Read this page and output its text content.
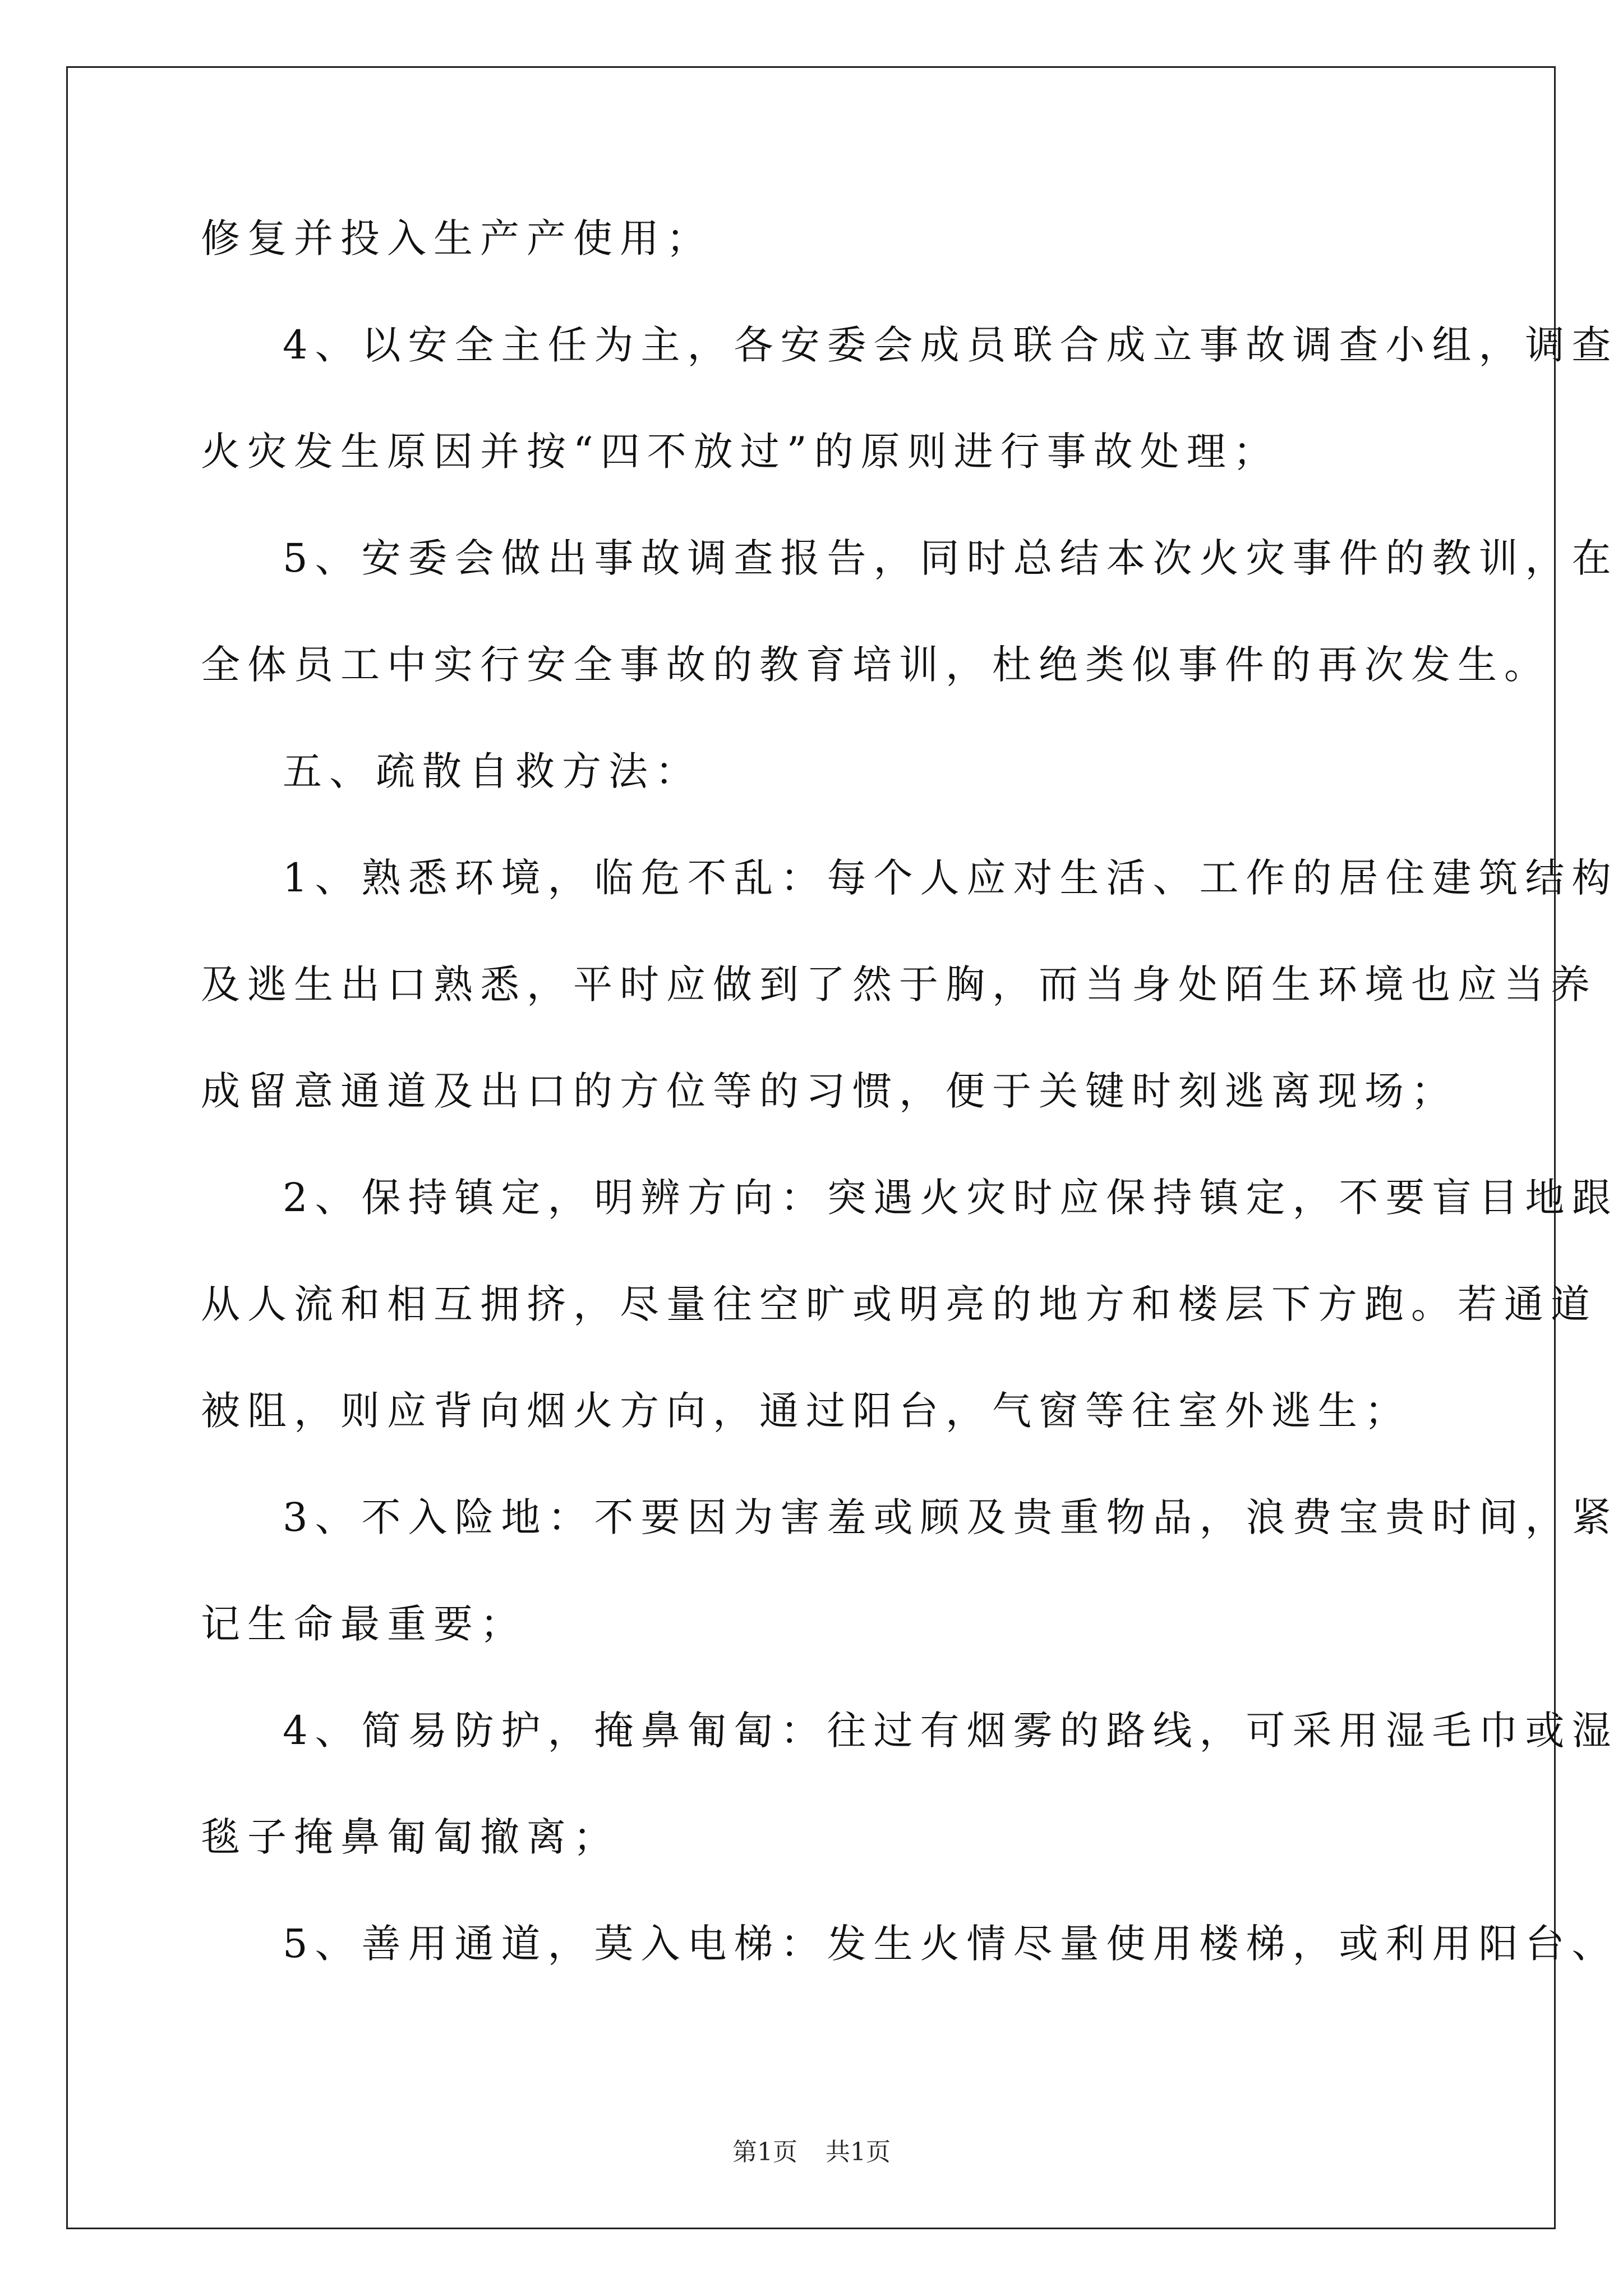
修复并投入生产产使用；
4、以安全主任为主，各安委会成员联合成立事故调查小组，调查
火灾发生原因并按“四不放过”的原则进行事故处理；
5、安委会做出事故调查报告，同时总结本次火灾事件的教训，在
全体员工中实行安全事故的教育培训，杜绝类似事件的再次发生。
五、疏散自救方法：
1、熟悉环境，临危不乱：每个人应对生活、工作的居住建筑结构
及逃生出口熟悉，平时应做到了然于胸，而当身处陌生环境也应当养
成留意通道及出口的方位等的习惯，便于关键时刻逃离现场；
2、保持镇定，明辨方向：突遇火灾时应保持镇定，不要盲目地跟
从人流和相互拥挤，尽量往空旷或明亮的地方和楼层下方跑。若通道
被阻，则应背向烟火方向，通过阳台，气窗等往室外逃生；
3、不入险地：不要因为害羞或顾及贵重物品，浪费宝贵时间，紧
记生命最重要；
4、简易防护，掩鼻匍匐：往过有烟雾的路线，可采用湿毛巾或湿
毯子掩鼻匍匐撤离；
5、善用通道，莫入电梯：发生火情尽量使用楼梯，或利用阳台、
第1页 共1页
